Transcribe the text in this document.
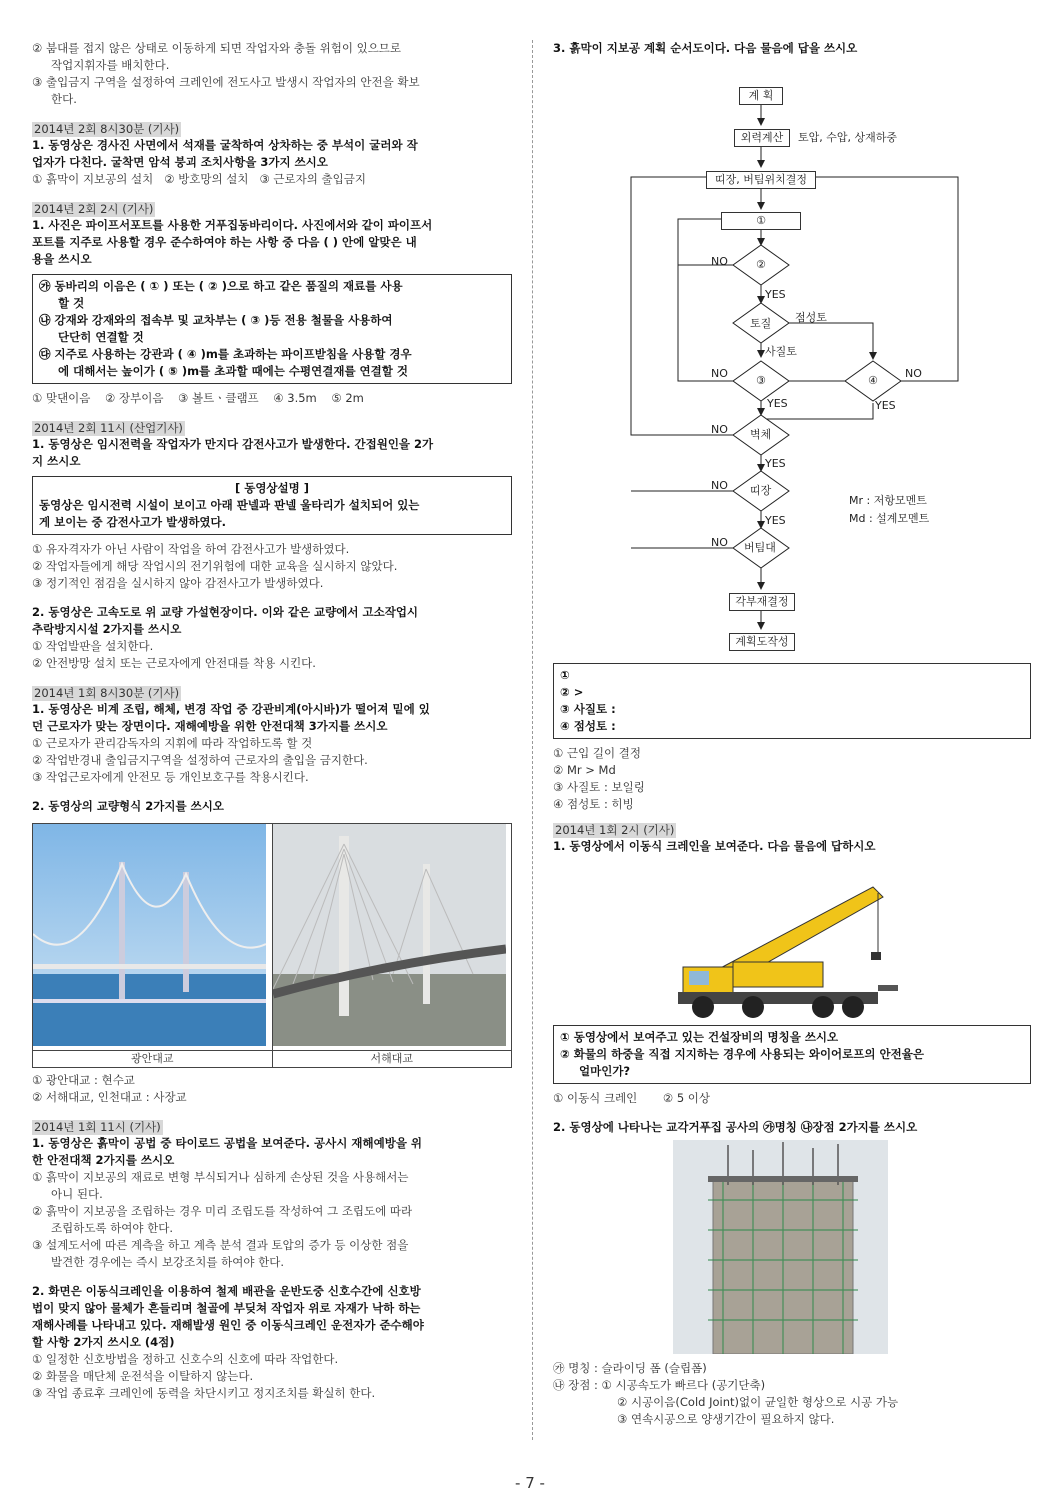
② 붐대를 접지 않은 상태로 이동하게 되면 작업자와 충돌 위험이 있으므로

작업지휘자를 배치한다.

③ 출입금지 구역을 설정하여 크레인에 전도사고 발생시 작업자의 안전을 확보

한다.

2014년 2회 8시30분 (기사)

1. 동영상은 경사진 사면에서 석재를 굴착하여 상차하는 중 부석이 굴러와 작

업자가 다친다. 굴착면 암석 붕괴 조치사항을 3가지 쓰시오

① 흙막이 지보공의 설치   ② 방호망의 설치   ③ 근로자의 출입금지

2014년 2회 2시 (기사)

1. 사진은 파이프서포트를 사용한 거푸집동바리이다. 사진에서와 같이 파이프서

포트를 지주로 사용할 경우 준수하여야 하는 사항 중 다음 ( ) 안에 알맞은 내

용을 쓰시오

㉮ 동바리의 이음은 ( ① ) 또는 ( ② )으로 하고 같은 품질의 재료를 사용

할 것

㉯ 강재와 강재와의 접속부 및 교차부는 ( ③ )등 전용 철물을 사용하여

단단히 연결할 것

㉰ 지주로 사용하는 강관과 ( ④ )m를 초과하는 파이프받침을 사용할 경우

에 대해서는 높이가 ( ⑤ )m를 초과할 때에는 수평연결재를 연결할 것

① 맞댄이음    ② 장부이음    ③ 볼트ㆍ클램프    ④ 3.5m    ⑤ 2m

2014년 2회 11시 (산업기사)

1. 동영상은 임시전력을 작업자가 만지다 감전사고가 발생한다. 간접원인을 2가

지 쓰시오

[ 동영상설명 ]

동영상은 임시전력 시설이 보이고 아래 판넬과 판넬 울타리가 설치되어 있는

게 보이는 중 감전사고가 발생하였다.

① 유자격자가 아닌 사람이 작업을 하여 감전사고가 발생하였다.

② 작업자들에게 해당 작업시의 전기위험에 대한 교육을 실시하지 않았다.

③ 정기적인 점검을 실시하지 않아 감전사고가 발생하였다.

2. 동영상은 고속도로 위 교량 가설현장이다. 이와 같은 교량에서 고소작업시

추락방지시설 2가지를 쓰시오

① 작업발판을 설치한다.

② 안전방망 설치 또는 근로자에게 안전대를 착용 시킨다.

2014년 1회 8시30분 (기사)

1. 동영상은 비계 조립, 해체, 변경 작업 중 강관비계(아시바)가 떨어져 밑에 있

던 근로자가 맞는 장면이다. 재해예방을 위한 안전대책 3가지를 쓰시오

① 근로자가 관리감독자의 지휘에 따라 작업하도록 할 것

② 작업반경내 출입금지구역을 설정하여 근로자의 출입을 금지한다.

③ 작업근로자에게 안전모 등 개인보호구를 착용시킨다.

2. 동영상의 교량형식 2가지를 쓰시오

광안대교	서해대교

① 광안대교 : 현수교

② 서해대교, 인천대교 : 사장교

2014년 1회 11시 (기사)

1. 동영상은 흙막이 공법 중 타이로드 공법을 보여준다. 공사시 재해예방을 위

한 안전대책 2가지를 쓰시오

① 흙막이 지보공의 재료로 변형 부식되거나 심하게 손상된 것을 사용해서는

아니 된다.

② 흙막이 지보공을 조립하는 경우 미리 조립도를 작성하여 그 조립도에 따라

조립하도록 하여야 한다.

③ 설계도서에 따른 계측을 하고 계측 분석 결과 토압의 증가 등 이상한 점을

발견한 경우에는 즉시 보강조치를 하여야 한다.

2. 화면은 이동식크레인을 이용하여 철제 배관을 운반도중 신호수간에 신호방

법이 맞지 않아 물체가 흔들리며 철골에 부딪쳐 작업자 위로 자재가 낙하 하는

재해사례를 나타내고 있다. 재해발생 원인 중 이동식크레인 운전자가 준수해야

할 사항 2가지 쓰시오 (4점)

① 일정한 신호방법을 정하고 신호수의 신호에 따라 작업한다.

② 화물을 매단체 운전석을 이탈하지 않는다.

③ 작업 종료후 크레인에 동력을 차단시키고 정지조치를 확실히 한다.

3. 흙막이 지보공 계획 순서도이다. 다음 물음에 답을 쓰시오

계 획
외력계산	토압, 수압, 상재하중
띠장, 버팀위치결정
①
②
NO
YES
토질 점성토
사질토
③	④
NO	NO
YES	YES
벽체
NO
YES
띠장
NO
YES
버팀대
NO
각부재결정
계획도작성
Mr : 저항모멘트
Md : 설계모멘트

①

② >

③ 사질토 :

④ 점성토 :

① 근입 길이 결정

② Mr > Md

③ 사질토 : 보일링

④ 점성토 : 히빙

2014년 1회 2시 (기사)

1. 동영상에서 이동식 크레인을 보여준다. 다음 물음에 답하시오

① 동영상에서 보여주고 있는 건설장비의 명칭을 쓰시오

② 화물의 하중을 직접 지지하는 경우에 사용되는 와이어로프의 안전율은

얼마인가?

① 이동식 크레인       ② 5 이상

2. 동영상에 나타나는 교각거푸집 공사의 ㉮명칭 ㉯장점 2가지를 쓰시오

㉮ 명칭 : 슬라이딩 폼 (슬립폼)

㉯ 장점 : ① 시공속도가 빠르다 (공기단축)

② 시공이음(Cold Joint)없이 균일한 형상으로 시공 가능

③ 연속시공으로 양생기간이 필요하지 않다.

- 7 -
